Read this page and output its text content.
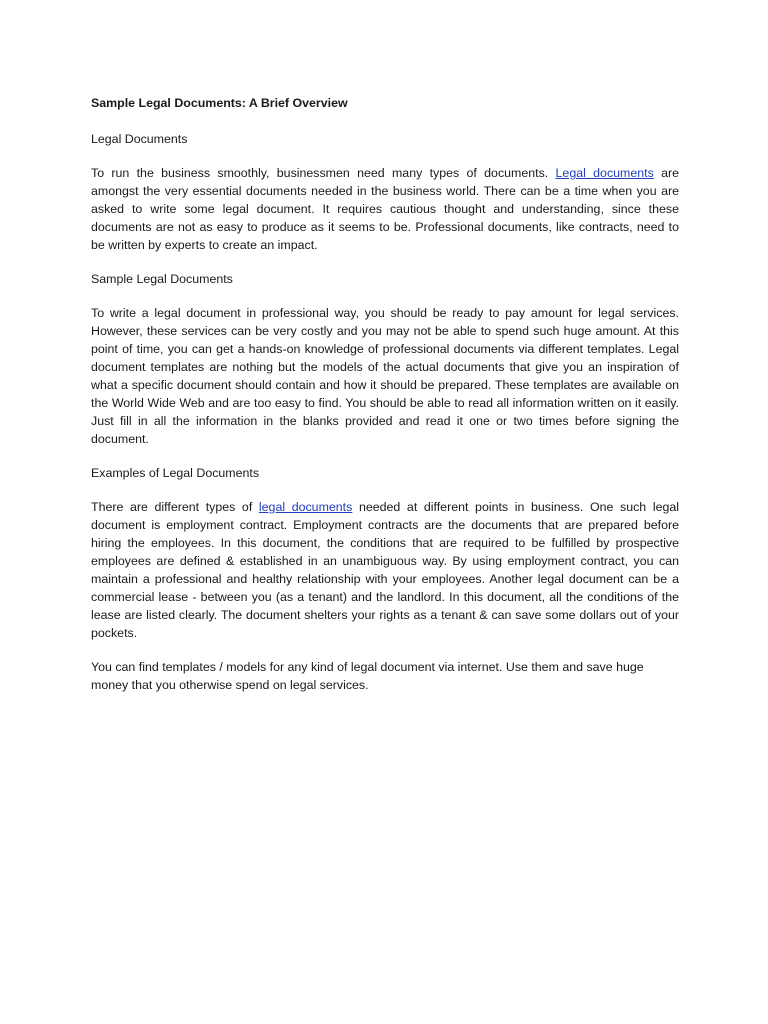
Sample Legal Documents: A Brief Overview
Legal Documents
To run the business smoothly, businessmen need many types of documents. Legal documents are amongst the very essential documents needed in the business world. There can be a time when you are asked to write some legal document. It requires cautious thought and understanding, since these documents are not as easy to produce as it seems to be. Professional documents, like contracts, need to be written by experts to create an impact.
Sample Legal Documents
To write a legal document in professional way, you should be ready to pay amount for legal services. However, these services can be very costly and you may not be able to spend such huge amount. At this point of time, you can get a hands-on knowledge of professional documents via different templates. Legal document templates are nothing but the models of the actual documents that give you an inspiration of what a specific document should contain and how it should be prepared. These templates are available on the World Wide Web and are too easy to find. You should be able to read all information written on it easily. Just fill in all the information in the blanks provided and read it one or two times before signing the document.
Examples of Legal Documents
There are different types of legal documents needed at different points in business. One such legal document is employment contract. Employment contracts are the documents that are prepared before hiring the employees. In this document, the conditions that are required to be fulfilled by prospective employees are defined & established in an unambiguous way. By using employment contract, you can maintain a professional and healthy relationship with your employees. Another legal document can be a commercial lease - between you (as a tenant) and the landlord. In this document, all the conditions of the lease are listed clearly. The document shelters your rights as a tenant & can save some dollars out of your pockets.
You can find templates / models for any kind of legal document via internet. Use them and save huge money that you otherwise spend on legal services.
